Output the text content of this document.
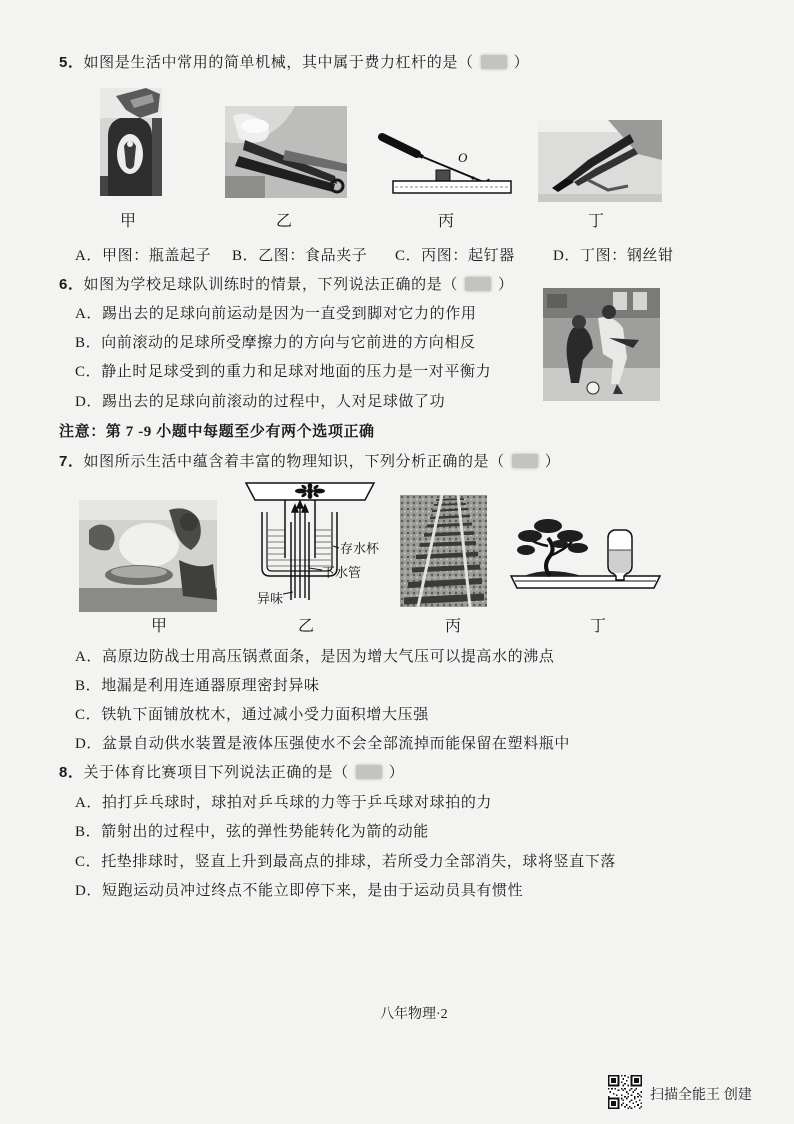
5．如图是生活中常用的简单机械，其中属于费力杠杆的是（	）
O
甲	乙	丙	丁
A．甲图：瓶盖起子 B．乙图：食品夹子 C．丙图：起钉器	D．丁图：钢丝钳
6．如图为学校足球队训练时的情景，下列说法正确的是（	）
A．踢出去的足球向前运动是因为一直受到脚对它力的作用
B．向前滚动的足球所受摩擦力的方向与它前进的方向相反
C．静止时足球受到的重力和足球对地面的压力是一对平衡力
D．踢出去的足球向前滚动的过程中，人对足球做了功
注意：第 7 -9 小题中每题至少有两个选项正确
7．如图所示生活中蕴含着丰富的物理知识，下列分析正确的是（	）
存水杯
下水管
异味
甲	乙	丙	丁
A．高原边防战士用高压锅煮面条，是因为增大气压可以提高水的沸点
B．地漏是利用连通器原理密封异味
C．铁轨下面铺放枕木，通过减小受力面积增大压强
D．盆景自动供水装置是液体压强使水不会全部流掉而能保留在塑料瓶中
8．关于体育比赛项目下列说法正确的是（	）
A．拍打乒乓球时，球拍对乒乓球的力等于乒乓球对球拍的力
B．箭射出的过程中，弦的弹性势能转化为箭的动能
C．托垫排球时，竖直上升到最高点的排球，若所受力全部消失，球将竖直下落
D．短跑运动员冲过终点不能立即停下来，是由于运动员具有惯性
八年物理·2
扫描全能王 创建
